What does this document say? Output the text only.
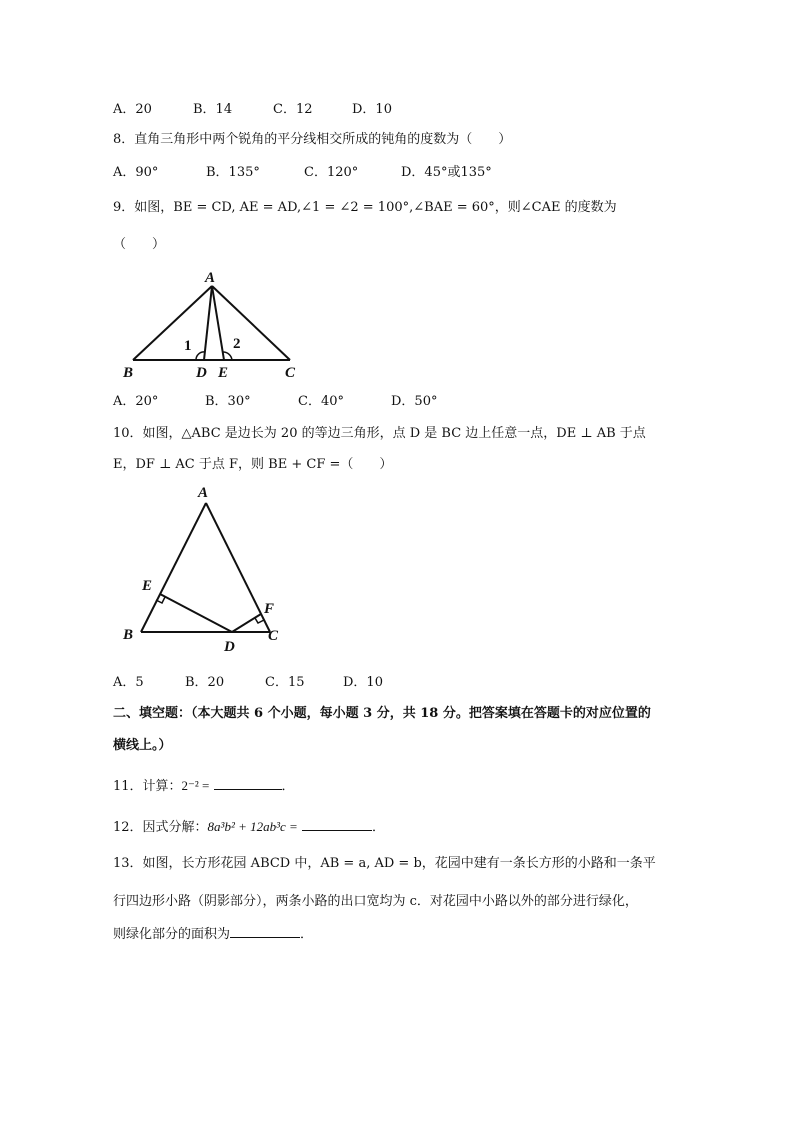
A．20	B．14	C．12	D．10
8．直角三角形中两个锐角的平分线相交所成的钝角的度数为（　　）
A．90°	B．135°	C．120°	D．45°或135°
9．如图，BE = CD, AE = AD,∠1 = ∠2 = 100°,∠BAE = 60°，则∠CAE 的度数为
（　　）
A
B	C
D E
1	2
A．20°	B．30°	C．40°	D．50°
10．如图，△ABC 是边长为 20 的等边三角形，点 D 是 BC 边上任意一点，DE ⊥ AB 于点
E，DF ⊥ AC 于点 F，则 BE + CF =（　　）
A
B	C
D
E
F
A．5	B．20	C．15	D．10
二、填空题：（本大题共 6 个小题，每小题 3 分，共 18 分。把答案填在答题卡的对应位置的
横线上。）
11．计算：2⁻² =	．
12．因式分解：8a³b² + 12ab³c =	．
13．如图，长方形花园 ABCD 中，AB = a, AD = b，花园中建有一条长方形的小路和一条平
行四边形小路（阴影部分），两条小路的出口宽均为 c．对花园中小路以外的部分进行绿化，
则绿化部分的面积为	．
